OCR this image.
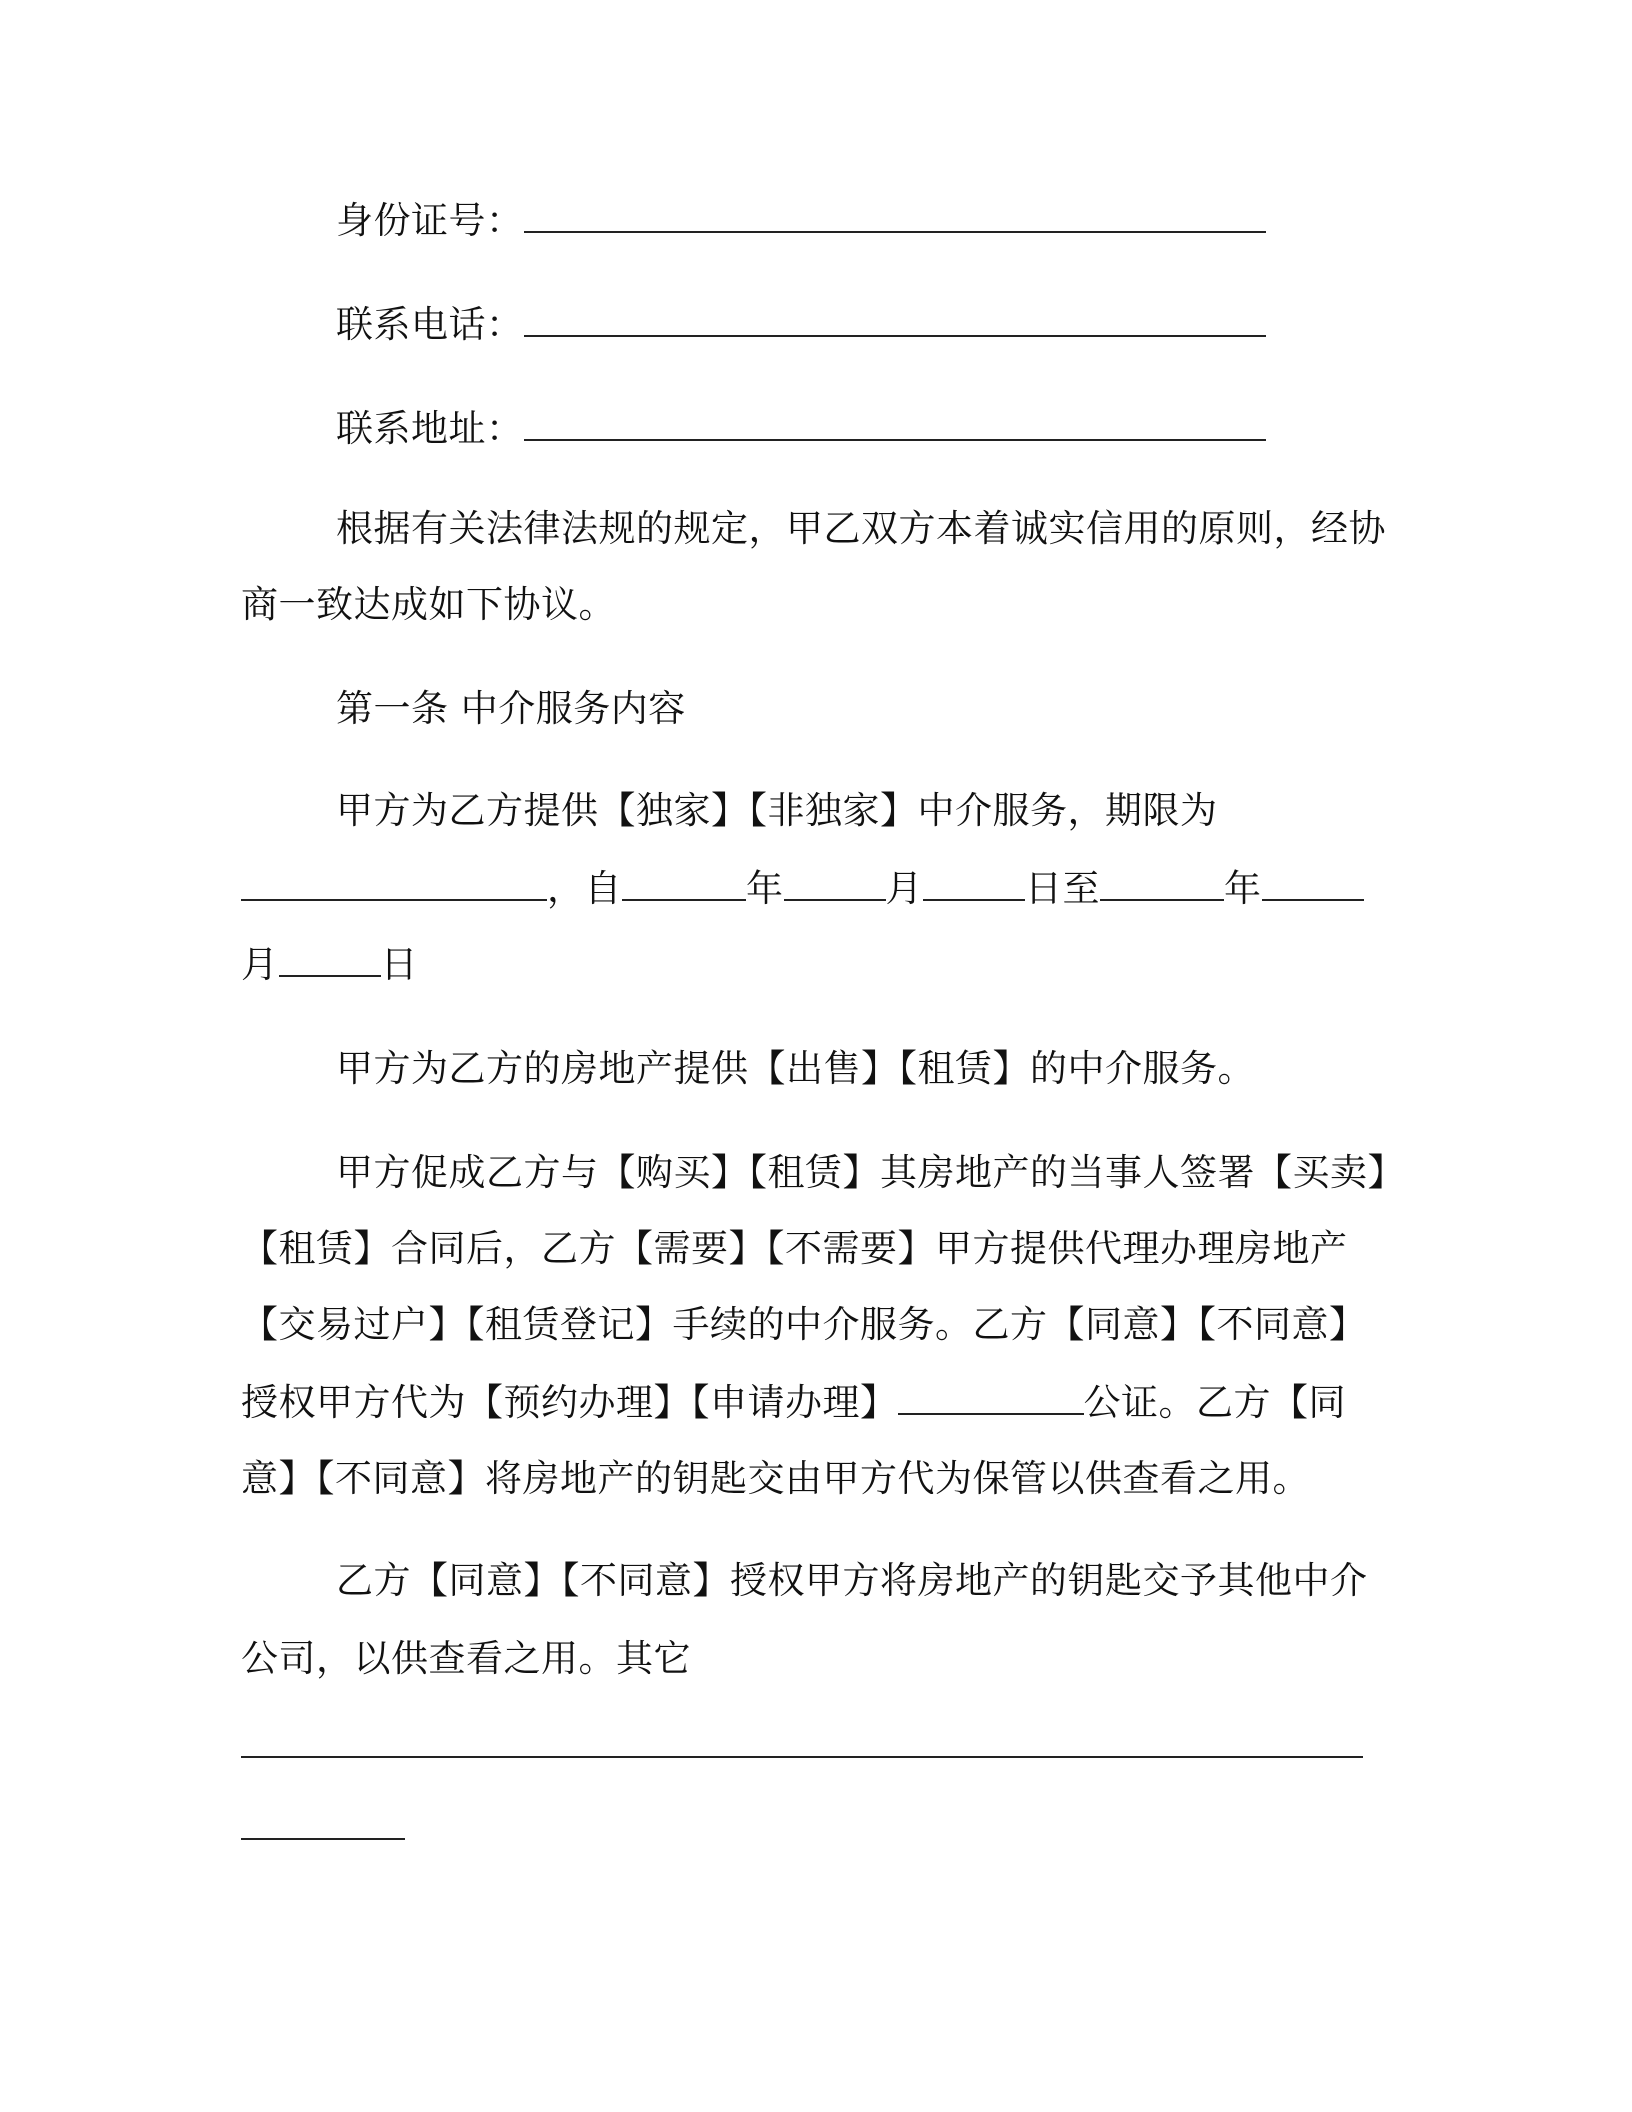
身份证号：
联系电话：
联系地址：
根据有关法律法规的规定，甲乙双方本着诚实信用的原则，经协
商一致达成如下协议。
第一条 中介服务内容
甲方为乙方提供【独家】【非独家】中介服务，期限为
，自	年	月	日至	年
月	日
甲方为乙方的房地产提供【出售】【租赁】的中介服务。
甲方促成乙方与【购买】【租赁】其房地产的当事人签署【买卖】
【租赁】合同后，乙方【需要】【不需要】甲方提供代理办理房地产
【交易过户】【租赁登记】手续的中介服务。乙方【同意】【不同意】
授权甲方代为【预约办理】【申请办理】	公证。乙方【同
意】【不同意】将房地产的钥匙交由甲方代为保管以供查看之用。
乙方【同意】【不同意】授权甲方将房地产的钥匙交予其他中介
公司，以供查看之用。其它
